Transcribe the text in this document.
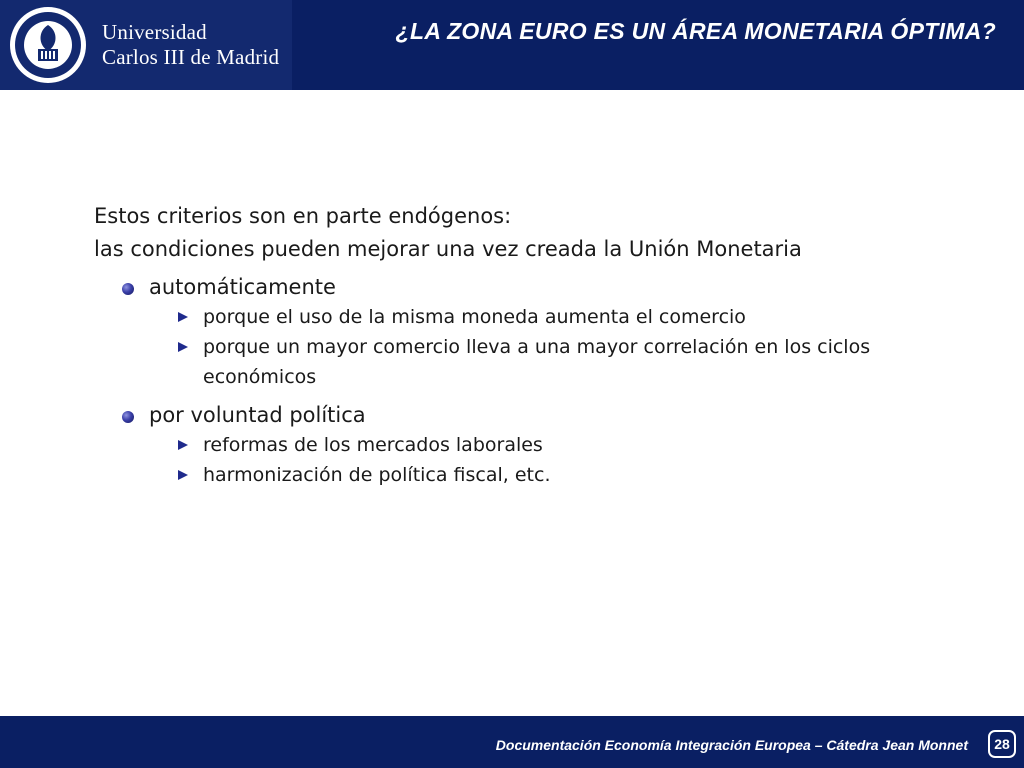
Universidad
Carlos III de Madrid
¿LA ZONA EURO ES UN ÁREA MONETARIA ÓPTIMA?
Estos criterios son en parte endógenos:
las condiciones pueden mejorar una vez creada la Unión Monetaria
automáticamente
porque el uso de la misma moneda aumenta el comercio
porque un mayor comercio lleva a una mayor correlación en los ciclos
económicos
por voluntad política
reformas de los mercados laborales
harmonización de política fiscal, etc.
Documentación Economía Integración Europea – Cátedra Jean Monnet	28
